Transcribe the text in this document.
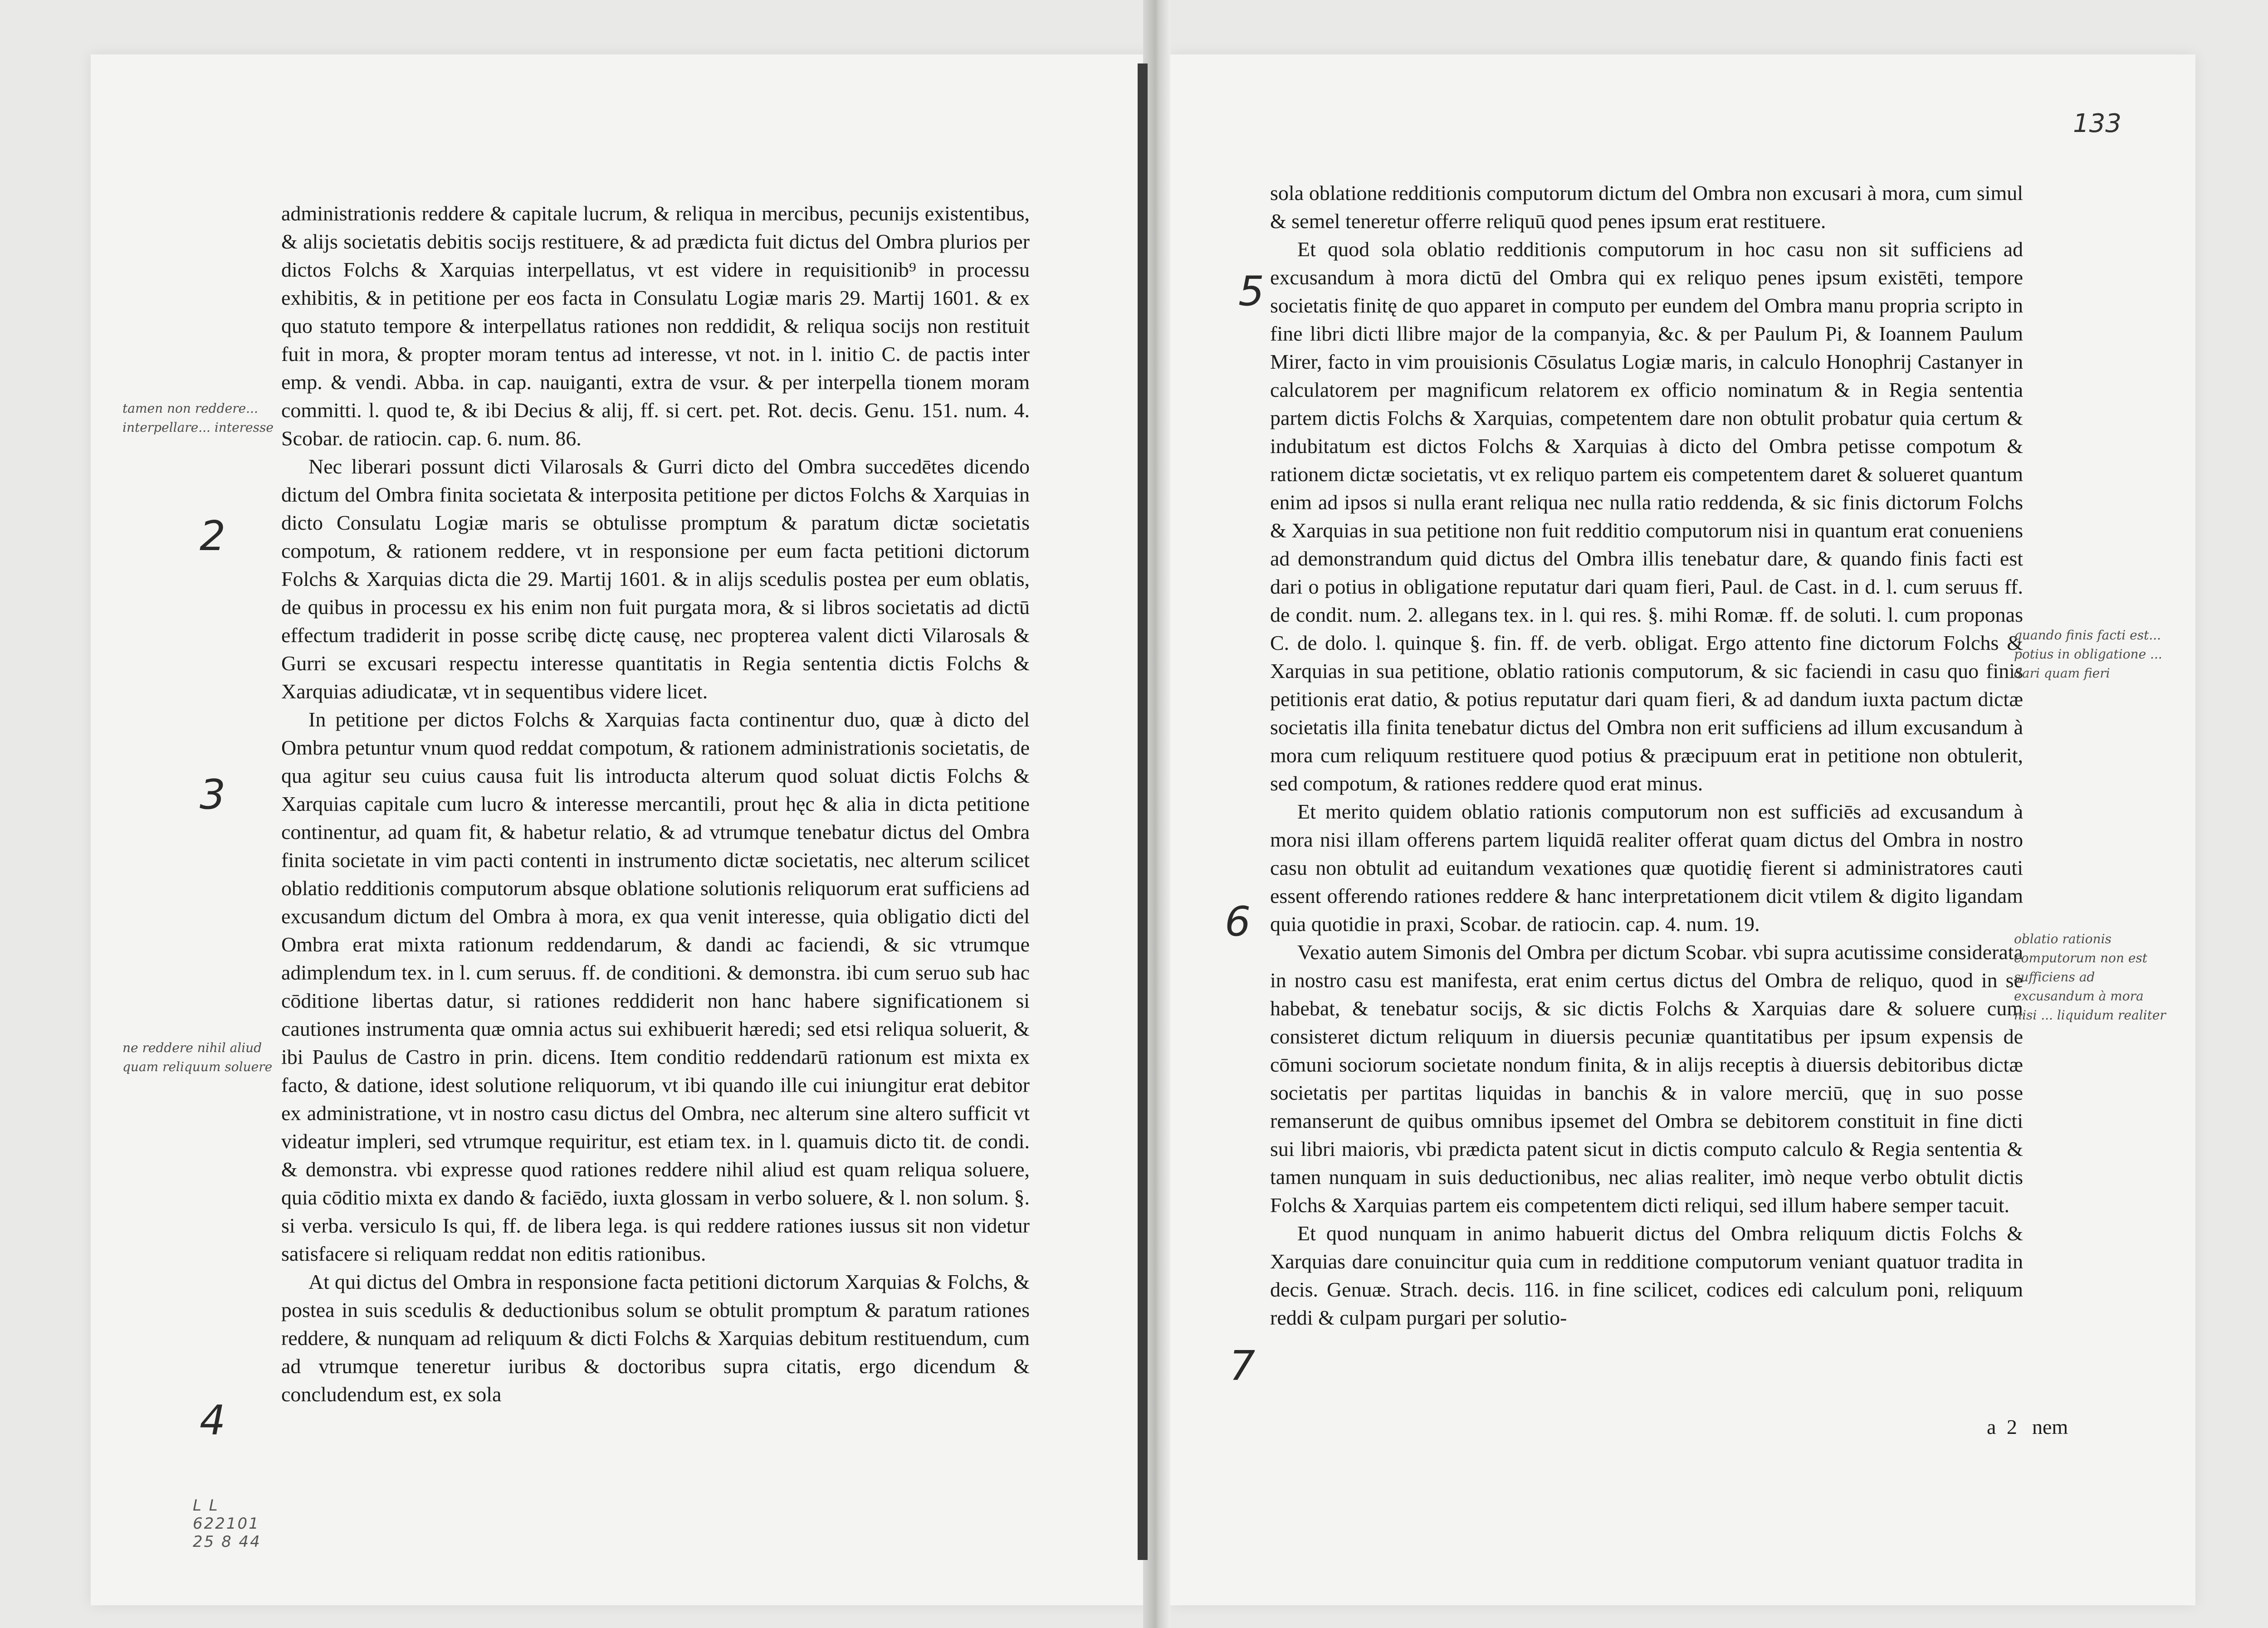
administrationis reddere & capitale lucrum, & reliqua in mercibus, pecunijs existentibus, & alijs societatis debitis socijs restituere, & ad prædicta fuit dictus del Ombra plurios per dictos Folchs & Xarquias interpellatus, vt est videre in requisitionib⁹ in processu exhibitis, & in petitione per eos facta in Consulatu Logiæ maris 29. Martij 1601. & ex quo statuto tempore & interpellatus rationes non reddidit, & reliqua socijs non restituit fuit in mora, & propter moram tentus ad interesse, vt not. in l. initio C. de pactis inter emp. & vendi. Abba. in cap. nauiganti, extra de vsur. & per interpella tionem moram committi. l. quod te, & ibi Decius & alij, ff. si cert. pet. Rot. decis. Genu. 151. num. 4. Scobar. de ratiocin. cap. 6. num. 86.

Nec liberari possunt dicti Vilarosals & Gurri dicto del Ombra succedētes dicendo dictum del Ombra finita societata & interposita petitione per dictos Folchs & Xarquias in dicto Consulatu Logiæ maris se obtulisse promptum & paratum dictæ societatis compotum, & rationem reddere, vt in responsione per eum facta petitioni dictorum Folchs & Xarquias dicta die 29. Martij 1601. & in alijs scedulis postea per eum oblatis, de quibus in processu ex his enim non fuit purgata mora, & si libros societatis ad dictū effectum tradiderit in posse scribę dictę causę, nec propterea valent dicti Vilarosals & Gurri se excusari respectu interesse quantitatis in Regia sententia dictis Folchs & Xarquias adiudicatæ, vt in sequentibus videre licet.

In petitione per dictos Folchs & Xarquias facta continentur duo, quæ à dicto del Ombra petuntur vnum quod reddat compotum, & rationem administrationis societatis, de qua agitur seu cuius causa fuit lis introducta alterum quod soluat dictis Folchs & Xarquias capitale cum lucro & interesse mercantili, prout hęc & alia in dicta petitione continentur, ad quam fit, & habetur relatio, & ad vtrumque tenebatur dictus del Ombra finita societate in vim pacti contenti in instrumento dictæ societatis, nec alterum scilicet oblatio redditionis computorum absque oblatione solutionis reliquorum erat sufficiens ad excusandum dictum del Ombra à mora, ex qua venit interesse, quia obligatio dicti del Ombra erat mixta rationum reddendarum, & dandi ac faciendi, & sic vtrumque adimplendum tex. in l. cum seruus. ff. de conditioni. & demonstra. ibi cum seruo sub hac cōditione libertas datur, si rationes reddiderit non hanc habere significationem si cautiones instrumenta quæ omnia actus sui exhibuerit hæredi; sed etsi reliqua soluerit, & ibi Paulus de Castro in prin. dicens. Item conditio reddendarū rationum est mixta ex facto, & datione, idest solutione reliquorum, vt ibi quando ille cui iniungitur erat debitor ex administratione, vt in nostro casu dictus del Ombra, nec alterum sine altero sufficit vt videatur impleri, sed vtrumque requiritur, est etiam tex. in l. quamuis dicto tit. de condi. & demonstra. vbi expresse quod rationes reddere nihil aliud est quam reliqua soluere, quia cōditio mixta ex dando & faciēdo, iuxta glossam in verbo soluere, & l. non solum. §. si verba. versiculo Is qui, ff. de libera lega. is qui reddere rationes iussus sit non videtur satisfacere si reliquam reddat non editis rationibus.

At qui dictus del Ombra in responsione facta petitioni dictorum Xarquias & Folchs, & postea in suis scedulis & deductionibus solum se obtulit promptum & paratum rationes reddere, & nunquam ad reliquum & dicti Folchs & Xarquias debitum restituendum, cum ad vtrumque teneretur iuribus & doctoribus supra citatis, ergo dicendum & concludendum est, ex sola

2
3
4
tamen non reddere... interpellare... interesse
ne reddere nihil aliud quam reliquum soluere
L L
622101
25 8 44
133

sola oblatione redditionis computorum dictum del Ombra non excusari à mora, cum simul & semel teneretur offerre reliquū quod penes ipsum erat restituere.

Et quod sola oblatio redditionis computorum in hoc casu non sit sufficiens ad excusandum à mora dictū del Ombra qui ex reliquo penes ipsum existēti, tempore societatis finitę de quo apparet in computo per eundem del Ombra manu propria scripto in fine libri dicti llibre major de la companyia, &c. & per Paulum Pi, & Ioannem Paulum Mirer, facto in vim prouisionis Cōsulatus Logiæ maris, in calculo Honophrij Castanyer in calculatorem per magnificum relatorem ex officio nominatum & in Regia sententia partem dictis Folchs & Xarquias, competentem dare non obtulit probatur quia certum & indubitatum est dictos Folchs & Xarquias à dicto del Ombra petisse compotum & rationem dictæ societatis, vt ex reliquo partem eis competentem daret & solueret quantum enim ad ipsos si nulla erant reliqua nec nulla ratio reddenda, & sic finis dictorum Folchs & Xarquias in sua petitione non fuit redditio computorum nisi in quantum erat conueniens ad demonstrandum quid dictus del Ombra illis tenebatur dare, & quando finis facti est dari o potius in obligatione reputatur dari quam fieri, Paul. de Cast. in d. l. cum seruus ff. de condit. num. 2. allegans tex. in l. qui res. §. mihi Romæ. ff. de soluti. l. cum proponas C. de dolo. l. quinque §. fin. ff. de verb. obligat. Ergo attento fine dictorum Folchs & Xarquias in sua petitione, oblatio rationis computorum, & sic faciendi in casu quo finis petitionis erat datio, & potius reputatur dari quam fieri, & ad dandum iuxta pactum dictæ societatis illa finita tenebatur dictus del Ombra non erit sufficiens ad illum excusandum à mora cum reliquum restituere quod potius & præcipuum erat in petitione non obtulerit, sed compotum, & rationes reddere quod erat minus.

Et merito quidem oblatio rationis computorum non est sufficiēs ad excusandum à mora nisi illam offerens partem liquidā realiter offerat quam dictus del Ombra in nostro casu non obtulit ad euitandum vexationes quæ quotidię fierent si administratores cauti essent offerendo rationes reddere & hanc interpretationem dicit vtilem & digito ligandam quia quotidie in praxi, Scobar. de ratiocin. cap. 4. num. 19.

Vexatio autem Simonis del Ombra per dictum Scobar. vbi supra acutissime considerata in nostro casu est manifesta, erat enim certus dictus del Ombra de reliquo, quod in se habebat, & tenebatur socijs, & sic dictis Folchs & Xarquias dare & soluere cum consisteret dictum reliquum in diuersis pecuniæ quantitatibus per ipsum expensis de cōmuni sociorum societate nondum finita, & in alijs receptis à diuersis debitoribus dictæ societatis per partitas liquidas in banchis & in valore merciū, quę in suo posse remanserunt de quibus omnibus ipsemet del Ombra se debitorem constituit in fine dicti sui libri maioris, vbi prædicta patent sicut in dictis computo calculo & Regia sententia & tamen nunquam in suis deductionibus, nec alias realiter, imò neque verbo obtulit dictis Folchs & Xarquias partem eis competentem dicti reliqui, sed illum habere semper tacuit.

Et quod nunquam in animo habuerit dictus del Ombra reliquum dictis Folchs & Xarquias dare conuincitur quia cum in redditione computorum veniant quatuor tradita in decis. Genuæ. Strach. decis. 116. in fine scilicet, codices edi calculum poni, reliquum reddi & culpam purgari per solutio-

a 2 nem
5
6
7
quando finis facti est... potius in obligatione ... dari quam fieri
oblatio rationis computorum non est sufficiens ad excusandum à mora nisi ... liquidum realiter
